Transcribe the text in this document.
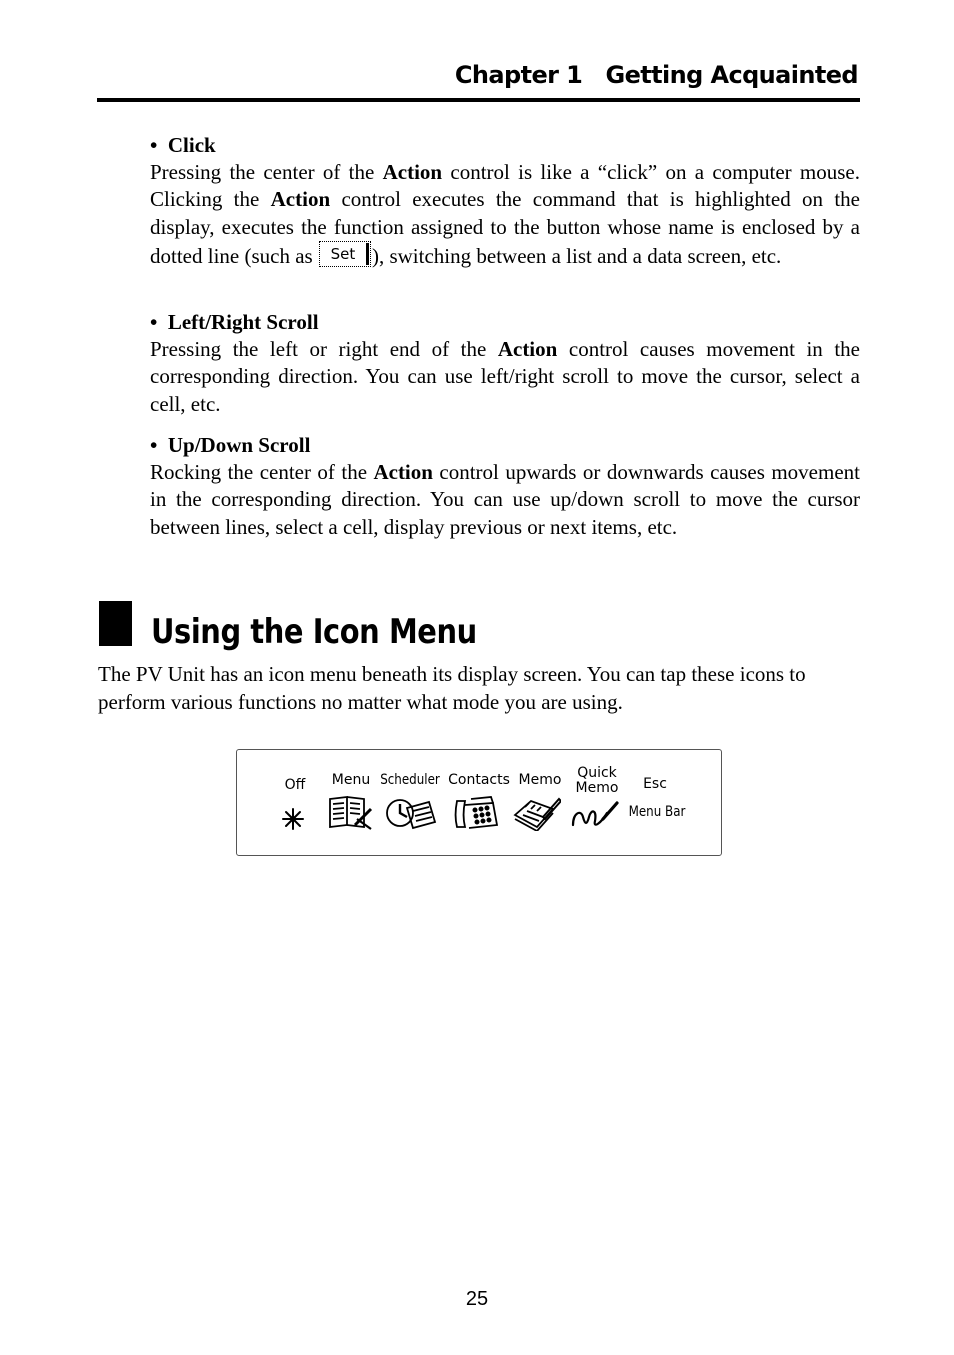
Chapter 1 Getting Acquainted
• Click
Pressing the center of the Action control is like a “click” on a computer mouse. Clicking the Action control executes the command that is highlighted on the display, executes the function assigned to the button whose name is enclosed by a dotted line (such as Set ), switching between a list and a data screen, etc.
• Left/Right Scroll
Pressing the left or right end of the Action control causes movement in the corresponding direction. You can use left/right scroll to move the cursor, select a cell, etc.
• Up/Down Scroll
Rocking the center of the Action control upwards or downwards causes movement in the corresponding direction. You can use up/down scroll to move the cursor between lines, select a cell, display previous or next items, etc.
Using the Icon Menu
The PV Unit has an icon menu beneath its display screen. You can tap these icons to perform various functions no matter what mode you are using.
Off	Menu Scheduler Contacts Memo	Quick
Memo	Esc
Menu Bar
25
